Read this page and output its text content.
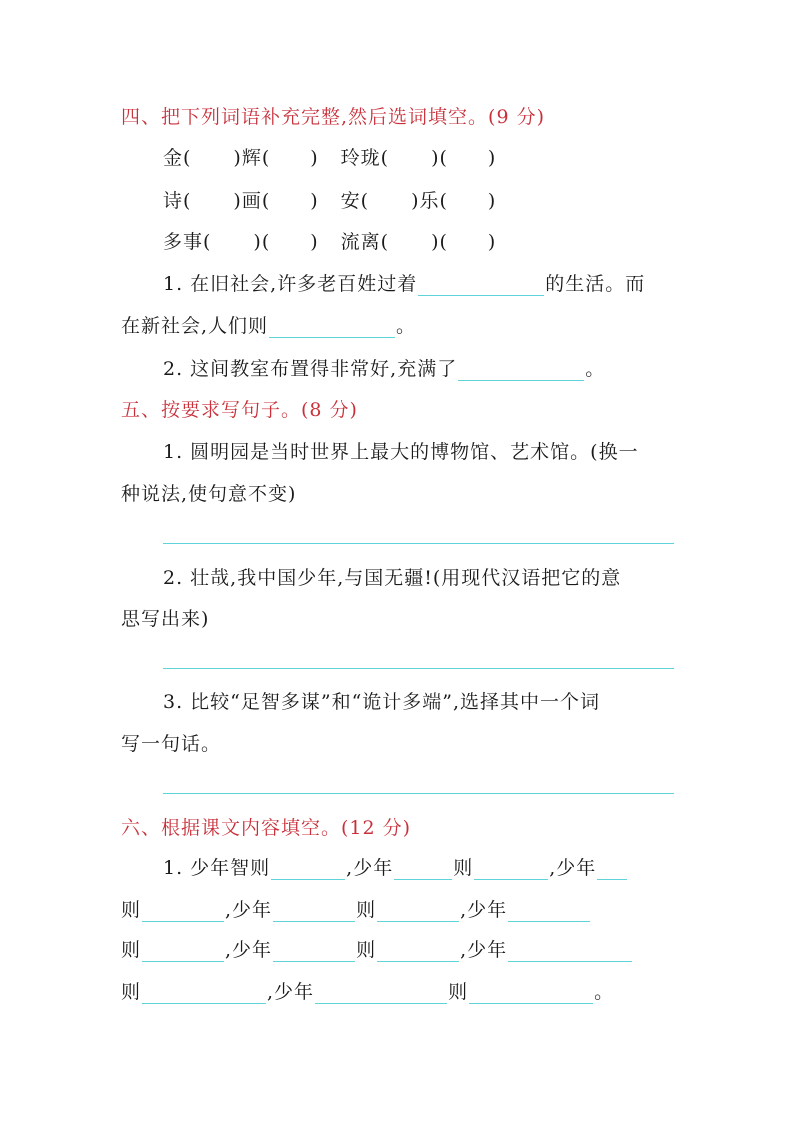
四、把下列词语补充完整,然后选词填空。(9 分)
金( )辉( ) 玲珑( )( )
诗( )画( ) 安( )乐( )
多事( )( ) 流离( )( )
1. 在旧社会,许多老百姓过着	的生活。而
在新社会,人们则	。
2. 这间教室布置得非常好,充满了	。
五、按要求写句子。(8 分)
1. 圆明园是当时世界上最大的博物馆、艺术馆。(换一
种说法,使句意不变)
2. 壮哉,我中国少年,与国无疆!(用现代汉语把它的意
思写出来)
3. 比较“足智多谋”和“诡计多端”,选择其中一个词
写一句话。
六、根据课文内容填空。(12 分)
1. 少年智则	,少年	则	,少年
则	,少年	则	,少年
则	,少年	则	,少年
则	,少年	则	。
